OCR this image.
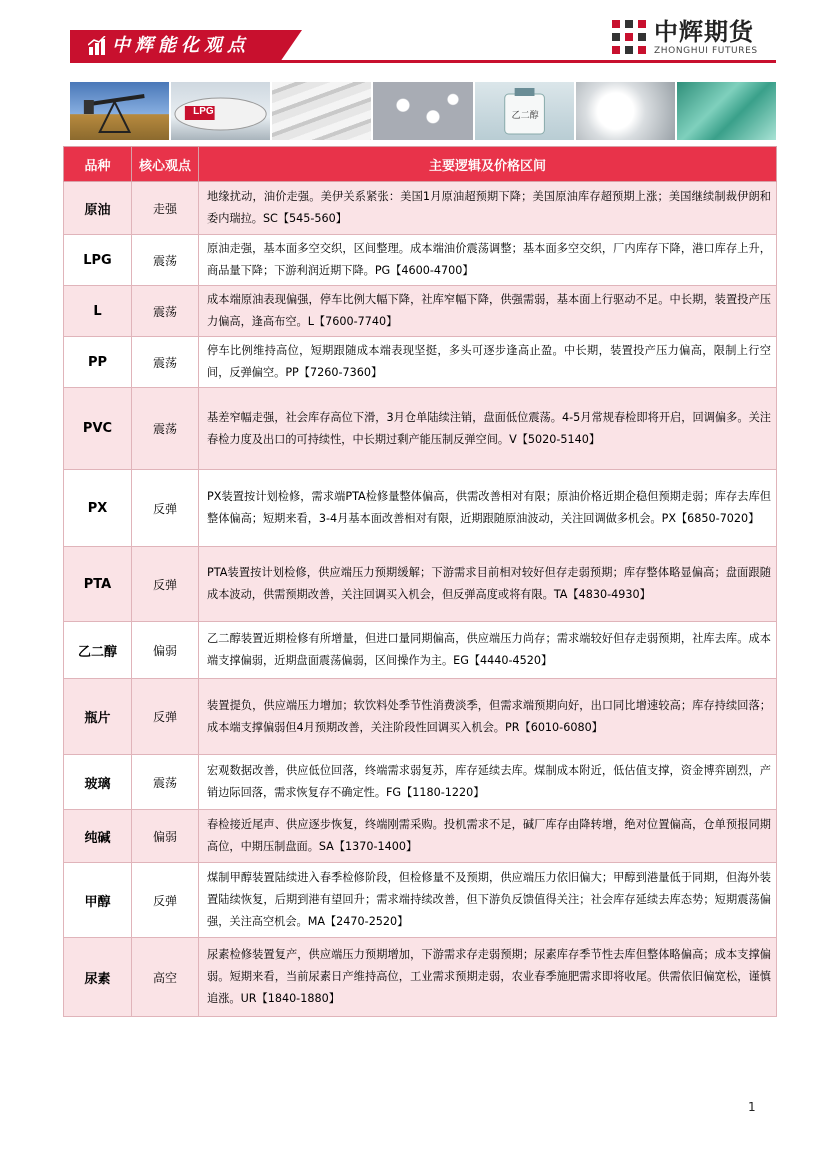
中辉能化观点	中辉期货
ZHONGHUI FUTURES
LPG	乙二醇
品种	核心观点	主要逻辑及价格区间
原油	走强	地缘扰动，油价走强。美伊关系紧张：美国1月原油超预期下降；美国原油库存超预期上涨；美国继续制裁伊朗和委内瑞拉。SC【545-560】
LPG	震荡	原油走强，基本面多空交织，区间整理。成本端油价震荡调整；基本面多空交织，厂内库存下降，港口库存上升，商品量下降；下游利润近期下降。PG【4600-4700】
L	震荡	成本端原油表现偏强，停车比例大幅下降，社库窄幅下降，供强需弱，基本面上行驱动不足。中长期，装置投产压力偏高，逢高布空。L【7600-7740】
PP	震荡	停车比例维持高位，短期跟随成本端表现坚挺，多头可逐步逢高止盈。中长期，装置投产压力偏高，限制上行空间，反弹偏空。PP【7260-7360】
PVC	震荡	基差窄幅走强，社会库存高位下滑，3月仓单陆续注销，盘面低位震荡。4-5月常规春检即将开启，回调偏多。关注春检力度及出口的可持续性，中长期过剩产能压制反弹空间。V【5020-5140】
PX	反弹	PX装置按计划检修，需求端PTA检修量整体偏高，供需改善相对有限；原油价格近期企稳但预期走弱；库存去库但整体偏高；短期来看，3-4月基本面改善相对有限，近期跟随原油波动，关注回调做多机会。PX【6850-7020】
PTA	反弹	PTA装置按计划检修，供应端压力预期缓解；下游需求目前相对较好但存走弱预期；库存整体略显偏高；盘面跟随成本波动，供需预期改善，关注回调买入机会，但反弹高度或将有限。TA【4830-4930】
乙二醇	偏弱	乙二醇装置近期检修有所增量，但进口量同期偏高，供应端压力尚存；需求端较好但存走弱预期，社库去库。成本端支撑偏弱，近期盘面震荡偏弱，区间操作为主。EG【4440-4520】
瓶片	反弹	装置提负，供应端压力增加；软饮料处季节性消费淡季，但需求端预期向好，出口同比增速较高；库存持续回落；成本端支撑偏弱但4月预期改善，关注阶段性回调买入机会。PR【6010-6080】
玻璃	震荡	宏观数据改善，供应低位回落，终端需求弱复苏，库存延续去库。煤制成本附近，低估值支撑，资金博弈剧烈，产销边际回落，需求恢复存不确定性。FG【1180-1220】
纯碱	偏弱	春检接近尾声、供应逐步恢复，终端刚需采购。投机需求不足，碱厂库存由降转增，绝对位置偏高，仓单预报同期高位，中期压制盘面。SA【1370-1400】
甲醇	反弹	煤制甲醇装置陆续进入春季检修阶段，但检修量不及预期，供应端压力依旧偏大；甲醇到港量低于同期，但海外装置陆续恢复，后期到港有望回升；需求端持续改善，但下游负反馈值得关注；社会库存延续去库态势；短期震荡偏强，关注高空机会。MA【2470-2520】
尿素	高空	尿素检修装置复产，供应端压力预期增加，下游需求存走弱预期；尿素库存季节性去库但整体略偏高；成本支撑偏弱。短期来看，当前尿素日产维持高位，工业需求预期走弱，农业春季施肥需求即将收尾。供需依旧偏宽松，谨慎追涨。UR【1840-1880】
1
